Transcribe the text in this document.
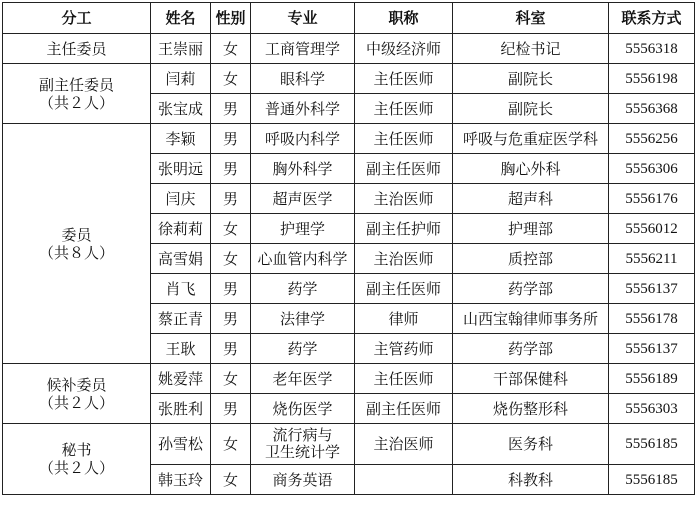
分工	姓名	性别	专业	职称	科室	联系方式

主任委员	王崇丽	女	工商管理学	中级经济师	纪检书记	5556318

副主任委员
（共２人）	闫莉	女	眼科学	主任医师	副院长	5556198
	张宝成	男	普通外科学	主任医师	副院长	5556368

委员
（共８人）	李颖	男	呼吸内科学	主任医师	呼吸与危重症医学科	5556256
	张明远	男	胸外科学	副主任医师	胸心外科	5556306
	闫庆	男	超声医学	主治医师	超声科	5556176
	徐莉莉	女	护理学	副主任护师	护理部	5556012
	高雪娟	女	心血管内科学	主治医师	质控部	5556211
	肖飞	男	药学	副主任医师	药学部	5556137
	蔡正青	男	法律学	律师	山西宝翰律师事务所	5556178
	王耿	男	药学	主管药师	药学部	5556137

候补委员
（共２人）	姚爱萍	女	老年医学	主任医师	干部保健科	5556189
	张胜利	男	烧伤医学	副主任医师	烧伤整形科	5556303

秘书
（共２人）	孙雪松	女	流行病与
卫生统计学	主治医师	医务科	5556185
	韩玉玲	女	商务英语		科教科	5556185
